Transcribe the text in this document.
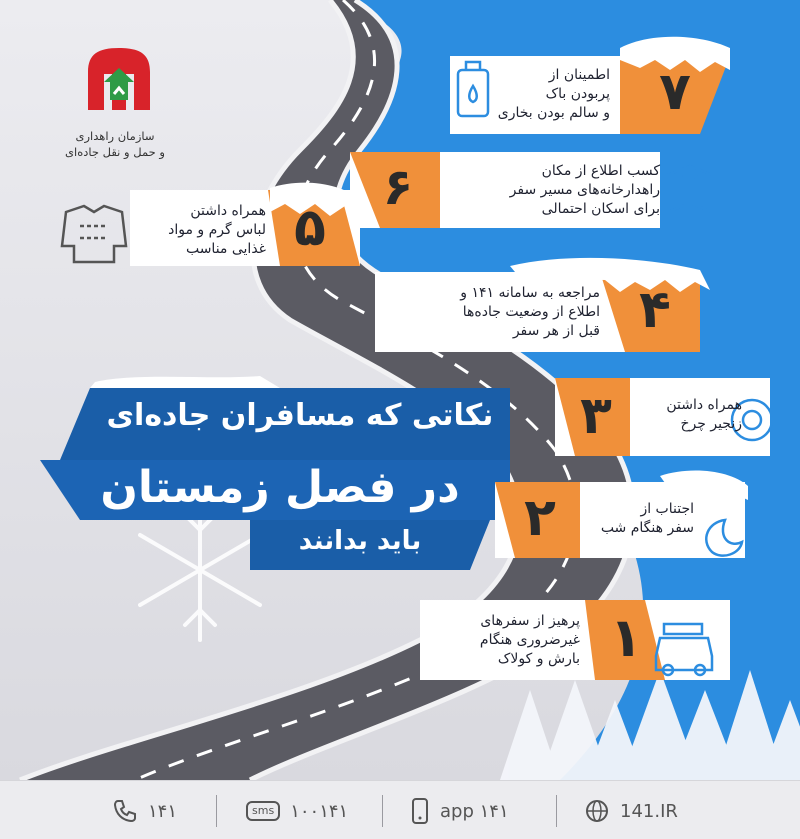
سازمان راهداری
و حمل و نقل جاده‌ای
نکاتی که مسافران جاده‌ای
در فصل زمستان
باید بدانند
اطمینان از
پربودن باک
و سالم بودن بخاری ۷
کسب اطلاع از مکان
راهدارخانه‌های مسیر سفر
برای اسکان احتمالی
۶
همراه داشتن
لباس گرم و مواد
غذایی مناسب ۵
مراجعه به سامانه ۱۴۱ و
اطلاع از وضعیت جاده‌ها
قبل از هر سفر ۴
همراه داشتن
زنجیر چرخ
۳
اجتناب از
سفر هنگام شب
۲
پرهیز از سفرهای
غیرضروری هنگام
بارش و کولاک ۱
۱۴۱	sms ۱۰۰۱۴۱	app ۱۴۱	141.IR
